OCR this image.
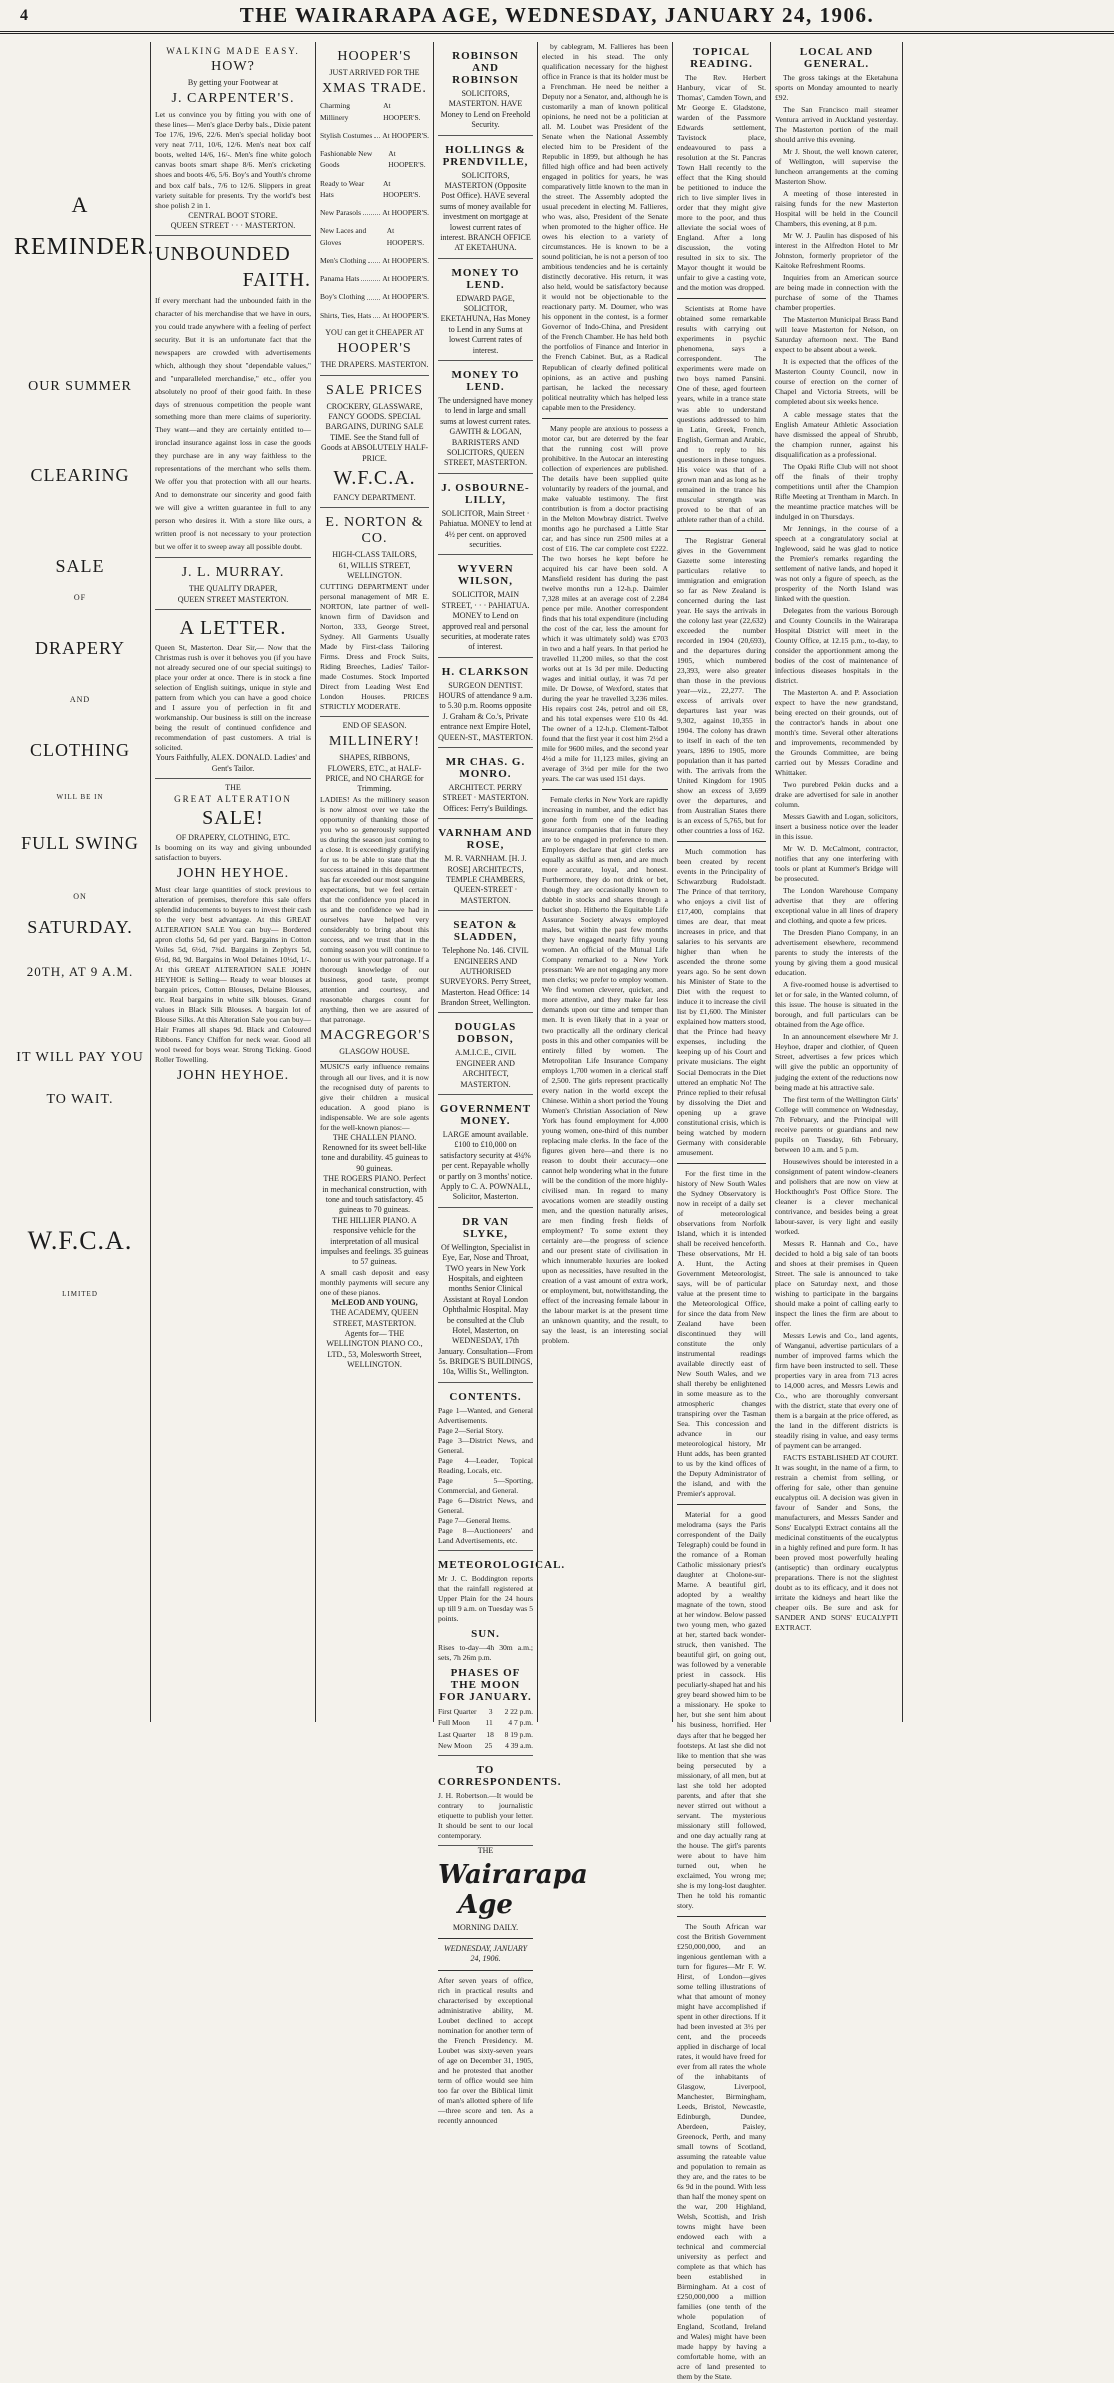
4	THE WAIRARAPA AGE, WEDNESDAY, JANUARY 24, 1906.
A
REMINDER.
OUR SUMMER
CLEARING
SALE
OF
DRAPERY
AND
CLOTHING
WILL BE IN
FULL SWING
ON
SATURDAY.
20TH, AT 9 A.M.
IT WILL PAY YOU
TO WAIT.
W.F.C.A.
LIMITED
WALKING MADE EASY.
HOW?
By getting your Footwear at
J. CARPENTER'S.
Let us convince you by fitting you with one of these lines— Men's glace Derby bals., Dixie patent Toe 17/6, 19/6, 22/6. Men's special holiday boot very neat 7/11, 10/6, 12/6. Men's neat box calf boots, welted 14/6, 16/-. Men's fine white goloch canvas boots smart shape 8/6. Men's cricketing shoes and boots 4/6, 5/6. Boy's and Youth's chrome and box calf bals., 7/6 to 12/6. Slippers in great variety suitable for presents. Try the world's best shoe polish 2 in 1.
CENTRAL BOOT STORE.
QUEEN STREET · · · MASTERTON.
UNBOUNDED
FAITH.
If every merchant had the unbounded faith in the character of his merchandise that we have in ours, you could trade anywhere with a feeling of perfect security. But it is an unfortunate fact that the newspapers are crowded with advertisements which, although they shout "dependable values," and "unparalleled merchandise," etc., offer you absolutely no proof of their good faith. In these days of strenuous competition the people want something more than mere claims of superiority. They want—and they are certainly entitled to—ironclad insurance against loss in case the goods they purchase are in any way faithless to the representations of the merchant who sells them. We offer you that protection with all our hearts. And to demonstrate our sincerity and good faith we will give a written guarantee in full to any person who desires it. With a store like ours, a written proof is not necessary to your protection but we offer it to sweep away all possible doubt.
J. L. MURRAY.
THE QUALITY DRAPER,
QUEEN STREET MASTERTON.
A LETTER.
Queen St, Masterton. Dear Sir,— Now that the Christmas rush is over it behoves you (if you have not already secured one of our special suitings) to place your order at once. There is in stock a fine selection of English suitings, unique in style and pattern from which you can have a good choice and I assure you of perfection in fit and workmanship. Our business is still on the increase being the result of continued confidence and recommendation of past customers. A trial is solicited.
Yours Faithfully, ALEX. DONALD. Ladies' and Gent's Tailor.
THE
GREAT ALTERATION
SALE!
OF DRAPERY, CLOTHING, ETC.
Is booming on its way and giving unbounded satisfaction to buyers.
JOHN HEYHOE.
Must clear large quantities of stock previous to alteration of premises, therefore this sale offers splendid inducements to buyers to invest their cash to the very best advantage. At this GREAT ALTERATION SALE You can buy— Bordered apron cloths 5d, 6d per yard. Bargains in Cotton Voiles 5d, 6½d, 7¾d. Bargains in Zephyrs 5d, 6½d, 8d, 9d. Bargains in Wool Delaines 10½d, 1/-. At this GREAT ALTERATION SALE JOHN HEYHOE is Selling— Ready to wear blouses at bargain prices, Cotton Blouses, Delaine Blouses, etc. Real bargains in white silk blouses. Grand values in Black Silk Blouses. A bargain lot of Blouse Silks. At this Alteration Sale you can buy— Hair Frames all shapes 9d. Black and Coloured Ribbons. Fancy Chiffon for neck wear. Good all wool tweed for boys wear. Strong Ticking. Good Roller Towelling.
JOHN HEYHOE.
HOOPER'S
JUST ARRIVED FOR THE
XMAS TRADE.
Charming Millinery
At HOOPER'S.
Stylish Costumes At HOOPER'S.
Fashionable New Goods
At HOOPER'S.
Ready to Wear Hats
At HOOPER'S.
New Parasols	At HOOPER'S.
New Laces and Gloves
At HOOPER'S.
Men's Clothing At HOOPER'S.
Panama Hats	At HOOPER'S.
Boy's Clothing At HOOPER'S.
Shirts, Ties, Hats At HOOPER'S.
YOU can get it CHEAPER AT
HOOPER'S
THE DRAPERS. MASTERTON.
SALE PRICES
CROCKERY, GLASSWARE, FANCY GOODS. SPECIAL BARGAINS, DURING SALE TIME. See the Stand full of Goods at ABSOLUTELY HALF-PRICE.
W.F.C.A.
FANCY DEPARTMENT.
E. NORTON & CO.
HIGH-CLASS TAILORS,
61, WILLIS STREET, WELLINGTON.
CUTTING DEPARTMENT under personal management of MR E. NORTON, late partner of well-known firm of Davidson and Norton, 333, George Street, Sydney. All Garments Usually Made by First-class Tailoring Firms. Dress and Frock Suits, Riding Breeches, Ladies' Tailor-made Costumes. Stock Imported Direct from Leading West End London Houses. PRICES STRICTLY MODERATE.
END OF SEASON.
MILLINERY!
SHAPES, RIBBONS, FLOWERS, ETC., at HALF-PRICE, and NO CHARGE for Trimming.
LADIES! As the millinery season is now almost over we take the opportunity of thanking those of you who so generously supported us during the season just coming to a close. It is exceedingly gratifying for us to be able to state that the success attained in this department has far exceeded our most sanguine expectations, but we feel certain that the confidence you placed in us and the confidence we had in ourselves have helped very considerably to bring about this success, and we trust that in the coming season you will continue to honour us with your patronage. If a thorough knowledge of our business, good taste, prompt attention and courtesy, and reasonable charges count for anything, then we are assured of that patronage.
MACGREGOR'S
GLASGOW HOUSE.
MUSIC'S early influence remains through all our lives, and it is now the recognised duty of parents to give their children a musical education. A good piano is indispensable. We are sole agents for the well-known pianos:—
THE CHALLEN PIANO. Renowned for its sweet bell-like tone and durability. 45 guineas to 90 guineas.
THE ROGERS PIANO. Perfect in mechanical construction, with tone and touch satisfactory. 45 guineas to 70 guineas.
THE HILLIER PIANO. A responsive vehicle for the interpretation of all musical impulses and feelings. 35 guineas to 57 guineas.
A small cash deposit and easy monthly payments will secure any one of these pianos.
McLEOD AND YOUNG,
THE ACADEMY, QUEEN STREET, MASTERTON.
Agents for— THE WELLINGTON PIANO CO., LTD., 53, Molesworth Street, WELLINGTON.
ROBINSON AND ROBINSON
SOLICITORS, MASTERTON. HAVE Money to Lend on Freehold Security.
HOLLINGS & PRENDVILLE,
SOLICITORS, MASTERTON (Opposite Post Office). HAVE several sums of money available for investment on mortgage at lowest current rates of interest. BRANCH OFFICE AT EKETAHUNA.
MONEY TO LEND.
EDWARD PAGE, SOLICITOR, EKETAHUNA, Has Money to Lend in any Sums at lowest Current rates of interest.
MONEY TO LEND.
The undersigned have money to lend in large and small sums at lowest current rates. GAWITH & LOGAN, BARRISTERS AND SOLICITORS, QUEEN STREET, MASTERTON.
J. OSBOURNE-LILLY,
SOLICITOR, Main Street · Pahiatua. MONEY to lend at 4½ per cent. on approved securities.
WYVERN WILSON,
SOLICITOR, MAIN STREET, · · · PAHIATUA. MONEY to Lend on approved real and personal securities, at moderate rates of interest.
H. CLARKSON
SURGEON DENTIST. HOURS of attendance 9 a.m. to 5.30 p.m. Rooms opposite J. Graham & Co.'s, Private entrance next Empire Hotel, QUEEN-ST., MASTERTON.
MR CHAS. G. MONRO.
ARCHITECT. PERRY STREET · MASTERTON. Offices: Ferry's Buildings.
VARNHAM AND ROSE,
M. R. VARNHAM. [H. J. ROSE] ARCHITECTS, TEMPLE CHAMBERS, QUEEN-STREET · MASTERTON.
SEATON & SLADDEN,
Telephone No. 146. CIVIL ENGINEERS AND AUTHORISED SURVEYORS. Perry Street, Masterton. Head Office: 14 Brandon Street, Wellington.
DOUGLAS DOBSON,
A.M.I.C.E., CIVIL ENGINEER AND ARCHITECT, MASTERTON.
GOVERNMENT MONEY.
LARGE amount available. £100 to £10,000 on satisfactory security at 4¼% per cent. Repayable wholly or partly on 3 months' notice. Apply to C. A. POWNALL, Solicitor, Masterton.
DR VAN SLYKE,
Of Wellington, Specialist in Eye, Ear, Nose and Throat, TWO years in New York Hospitals, and eighteen months Senior Clinical Assistant at Royal London Ophthalmic Hospital. May be consulted at the Club Hotel, Masterton, on WEDNESDAY, 17th January. Consultation—From 5s. BRIDGE'S BUILDINGS, 10a, Willis St., Wellington.
CONTENTS.
Page 1—Wanted, and General Advertisements.
Page 2—Serial Story.
Page 3—District News, and General.
Page 4—Leader, Topical Reading, Locals, etc.
Page 5—Sporting, Commercial, and General.
Page 6—District News, and General.
Page 7—General Items.
Page 8—Auctioneers' and Land Advertisements, etc.
METEOROLOGICAL.
Mr J. C. Boddington reports that the rainfall registered at Upper Plain for the 24 hours up till 9 a.m. on Tuesday was 5 points.
SUN.
Rises to-day—4h 30m a.m.; sets, 7h 26m p.m.
PHASES OF THE MOON FOR JANUARY.
First Quarter 3 2 22 p.m.
Full Moon 11 4 7 p.m.
Last Quarter 18 8 19 p.m.
New Moon 25 4 39 a.m.
TO CORRESPONDENTS.
J. H. Robertson.—It would be contrary to journalistic etiquette to publish your letter. It should be sent to our local contemporary.
THE
Wairarapa Age
MORNING DAILY.
WEDNESDAY, JANUARY 24, 1906.
After seven years of office, rich in practical results and characterised by exceptional administrative ability, M. Loubet declined to accept nomination for another term of the French Presidency. M. Loubet was sixty-seven years of age on December 31, 1905, and he protested that another term of office would see him too far over the Biblical limit of man's allotted sphere of life—three score and ten. As a recently announced

by cablegram, M. Fallieres has been elected in his stead. The only qualification necessary for the highest office in France is that its holder must be a Frenchman. He need be neither a Deputy nor a Senator, and, although he is customarily a man of known political opinions, he need not be a politician at all. M. Loubet was President of the Senate when the National Assembly elected him to be President of the Republic in 1899, but although he has filled high office and had been actively engaged in politics for years, he was comparatively little known to the man in the street. The Assembly adopted the usual precedent in electing M. Fallieres, who was, also, President of the Senate when promoted to the higher office. He owes his election to a variety of circumstances. He is known to be a sound politician, he is not a person of too ambitious tendencies and he is certainly distinctly decorative. His return, it was also held, would be satisfactory because it would not be objectionable to the reactionary party. M. Doumer, who was his opponent in the contest, is a former Governor of Indo-China, and President of the French Chamber. He has held both the portfolios of Finance and Interior in the French Cabinet. But, as a Radical Republican of clearly defined political opinions, as an active and pushing partisan, he lacked the necessary political neutrality which has helped less capable men to the Presidency.

Many people are anxious to possess a motor car, but are deterred by the fear that the running cost will prove prohibitive. In the Autocar an interesting collection of experiences are published. The details have been supplied quite voluntarily by readers of the journal, and make valuable testimony. The first contribution is from a doctor practising in the Melton Mowbray district. Twelve months ago he purchased a Little Star car, and has since run 2500 miles at a cost of £16. The car complete cost £222. The two horses he kept before he acquired his car have been sold. A Mansfield resident has during the past twelve months run a 12-h.p. Daimler 7,328 miles at an average cost of 2.284 pence per mile. Another correspondent finds that his total expenditure (including the cost of the car, less the amount for which it was ultimately sold) was £703 in two and a half years. In that period he travelled 11,200 miles, so that the cost works out at 1s 3d per mile. Deducting wages and initial outlay, it was 7d per mile. Dr Dowse, of Wexford, states that during the year he travelled 3,236 miles. His repairs cost 24s, petrol and oil £8, and his total expenses were £10 0s 4d. The owner of a 12-h.p. Clement-Talbot found that the first year it cost him 2½d a mile for 9600 miles, and the second year 4½d a mile for 11,123 miles, giving an average of 3½d per mile for the two years. The car was used 151 days.

Female clerks in New York are rapidly increasing in number, and the edict has gone forth from one of the leading insurance companies that in future they are to be engaged in preference to men. Employers declare that girl clerks are equally as skilful as men, and are much more accurate, loyal, and honest. Furthermore, they do not drink or bet, though they are occasionally known to dabble in stocks and shares through a bucket shop. Hitherto the Equitable Life Assurance Society always employed males, but within the past few months they have engaged nearly fifty young women. An official of the Mutual Life Company remarked to a New York pressman: We are not engaging any more men clerks; we prefer to employ women. We find women cleverer, quicker, and more attentive, and they make far less demands upon our time and temper than men. It is even likely that in a year or two practically all the ordinary clerical posts in this and other companies will be entirely filled by women. The Metropolitan Life Insurance Company employs 1,700 women in a clerical staff of 2,500. The girls represent practically every nation in the world except the Chinese. Within a short period the Young Women's Christian Association of New York has found employment for 4,000 young women, one-third of this number replacing male clerks. In the face of the figures given here—and there is no reason to doubt their accuracy—one cannot help wondering what in the future will be the condition of the more highly-civilised man. In regard to many avocations women are steadily ousting men, and the question naturally arises, are men finding fresh fields of employment? To some extent they certainly are—the progress of science and our present state of civilisation in which innumerable luxuries are looked upon as necessities, have resulted in the creation of a vast amount of extra work, or employment, but, notwithstanding, the effect of the increasing female labour in the labour market is at the present time an unknown quantity, and the result, to say the least, is an interesting social problem.

TOPICAL READING.

The Rev. Herbert Hanbury, vicar of St. Thomas', Camden Town, and Mr George E. Gladstone, warden of the Passmore Edwards settlement, Tavistock place, endeavoured to pass a resolution at the St. Pancras Town Hall recently to the effect that the King should be petitioned to induce the rich to live simpler lives in order that they might give more to the poor, and thus alleviate the social woes of England. After a long discussion, the voting resulted in six to six. The Mayor thought it would be unfair to give a casting vote, and the motion was dropped.

Scientists at Rome have obtained some remarkable results with carrying out experiments in psychic phenomena, says a correspondent. The experiments were made on two boys named Pansini. One of these, aged fourteen years, while in a trance state was able to understand questions addressed to him in Latin, Greek, French, English, German and Arabic, and to reply to his questioners in these tongues. His voice was that of a grown man and as long as he remained in the trance his muscular strength was proved to be that of an athlete rather than of a child.

The Registrar General gives in the Government Gazette some interesting particulars relative to immigration and emigration so far as New Zealand is concerned during the last year. He says the arrivals in the colony last year (22,632) exceeded the number recorded in 1904 (20,693), and the departures during 1905, which numbered 23,393, were also greater than those in the previous year—viz., 22,277. The excess of arrivals over departures last year was 9,302, against 10,355 in 1904. The colony has drawn to itself in each of the ten years, 1896 to 1905, more population than it has parted with. The arrivals from the United Kingdom for 1905 show an excess of 3,699 over the departures, and from Australian States there is an excess of 5,765, but for other countries a loss of 162.

Much commotion has been created by recent events in the Principality of Schwarzburg Rudolstadt. The Prince of that territory, who enjoys a civil list of £17,400, complains that times are dear, that meat increases in price, and that salaries to his servants are higher than when he ascended the throne some years ago. So he sent down his Minister of State to the Diet with the request to induce it to increase the civil list by £1,600. The Minister explained how matters stood, that the Prince had heavy expenses, including the keeping up of his Court and private musicians. The eight Social Democrats in the Diet uttered an emphatic No! The Prince replied to their refusal by dissolving the Diet and opening up a grave constitutional crisis, which is being watched by modern Germany with considerable amusement.

For the first time in the history of New South Wales the Sydney Observatory is now in receipt of a daily set of meteorological observations from Norfolk Island, which it is intended shall be received henceforth. These observations, Mr H. A. Hunt, the Acting Government Meteorologist, says, will be of particular value at the present time to the Meteorological Office, for since the data from New Zealand have been discontinued they will constitute the only instrumental readings available directly east of New South Wales, and we shall thereby be enlightened in some measure as to the atmospheric changes transpiring over the Tasman Sea. This concession and advance in our meteorological history, Mr Hunt adds, has been granted to us by the kind offices of the Deputy Administrator of the island, and with the Premier's approval.

Material for a good melodrama (says the Paris correspondent of the Daily Telegraph) could be found in the romance of a Roman Catholic missionary priest's daughter at Cholone-sur-Marne. A beautiful girl, adopted by a wealthy magnate of the town, stood at her window. Below passed two young men, who gazed at her, started back wonder-struck, then vanished. The beautiful girl, on going out, was followed by a venerable priest in cassock. His peculiarly-shaped hat and his grey beard showed him to be a missionary. He spoke to her, but she sent him about his business, horrified. Her days after that he begged her footsteps. At last she did not like to mention that she was being persecuted by a missionary, of all men, but at last she told her adopted parents, and after that she never stirred out without a servant. The mysterious missionary still followed, and one day actually rang at the house. The girl's parents were about to have him turned out, when he exclaimed, You wrong me; she is my long-lost daughter. Then he told his romantic story.

The South African war cost the British Government £250,000,000, and an ingenious gentleman with a turn for figures—Mr F. W. Hirst, of London—gives some telling illustrations of what that amount of money might have accomplished if spent in other directions. If it had been invested at 3½ per cent, and the proceeds applied in discharge of local rates, it would have freed for ever from all rates the whole of the inhabitants of Glasgow, Liverpool, Manchester, Birmingham, Leeds, Bristol, Newcastle, Edinburgh, Dundee, Aberdeen, Paisley, Greenock, Perth, and many small towns of Scotland, assuming the rateable value and population to remain as they are, and the rates to be 6s 9d in the pound. With less than half the money spent on the war, 200 Highland, Welsh, Scottish, and Irish towns might have been endowed each with a technical and commercial university as perfect and complete as that which has been established in Birmingham. At a cost of £250,000,000 a million families (one tenth of the whole population of England, Scotland, Ireland and Wales) might have been made happy by having a comfortable home, with an acre of land presented to them by the State.

LOCAL AND GENERAL.

The gross takings at the Eketahuna sports on Monday amounted to nearly £92.

The San Francisco mail steamer Ventura arrived in Auckland yesterday. The Masterton portion of the mail should arrive this evening.

Mr J. Shout, the well known caterer, of Wellington, will supervise the luncheon arrangements at the coming Masterton Show.

A meeting of those interested in raising funds for the new Masterton Hospital will be held in the Council Chambers, this evening, at 8 p.m.

Mr W. J. Paulin has disposed of his interest in the Alfredton Hotel to Mr Johnston, formerly proprietor of the Kaitoke Refreshment Rooms.

Inquiries from an American source are being made in connection with the purchase of some of the Thames chamber properties.

The Masterton Municipal Brass Band will leave Masterton for Nelson, on Saturday afternoon next. The Band expect to be absent about a week.

It is expected that the offices of the Masterton County Council, now in course of erection on the corner of Chapel and Victoria Streets, will be completed about six weeks hence.

A cable message states that the English Amateur Athletic Association have dismissed the appeal of Shrubb, the champion runner, against his disqualification as a professional.

The Opaki Rifle Club will not shoot off the finals of their trophy competitions until after the Champion Rifle Meeting at Trentham in March. In the meantime practice matches will be indulged in on Thursdays.

Mr Jennings, in the course of a speech at a congratulatory social at Inglewood, said he was glad to notice the Premier's remarks regarding the settlement of native lands, and hoped it was not only a figure of speech, as the prosperity of the North Island was linked with the question.

Delegates from the various Borough and County Councils in the Wairarapa Hospital District will meet in the County Office, at 12.15 p.m., to-day, to consider the apportionment among the bodies of the cost of maintenance of infectious diseases hospitals in the district.

The Masterton A. and P. Association expect to have the new grandstand, being erected on their grounds, out of the contractor's hands in about one month's time. Several other alterations and improvements, recommended by the Grounds Committee, are being carried out by Messrs Coradine and Whittaker.

Two purebred Pekin ducks and a drake are advertised for sale in another column.

Messrs Gawith and Logan, solicitors, insert a business notice over the leader in this issue.

Mr W. D. McCalmont, contractor, notifies that any one interfering with tools or plant at Kummer's Bridge will be prosecuted.

The London Warehouse Company advertise that they are offering exceptional value in all lines of drapery and clothing, and quote a few prices.

The Dresden Piano Company, in an advertisement elsewhere, recommend parents to study the interests of the young by giving them a good musical education.

A five-roomed house is advertised to let or for sale, in the Wanted column, of this issue. The house is situated in the borough, and full particulars can be obtained from the Age office.

In an announcement elsewhere Mr J. Heyhoe, draper and clothier, of Queen Street, advertises a few prices which will give the public an opportunity of judging the extent of the reductions now being made at his attractive sale.

The first term of the Wellington Girls' College will commence on Wednesday, 7th February, and the Principal will receive parents or guardians and new pupils on Tuesday, 6th February, between 10 a.m. and 5 p.m.

Housewives should be interested in a consignment of patent window-cleaners and polishers that are now on view at Hockthought's Post Office Store. The cleaner is a clever mechanical contrivance, and besides being a great labour-saver, is very light and easily worked.

Messrs R. Hannah and Co., have decided to hold a big sale of tan boots and shoes at their premises in Queen Street. The sale is announced to take place on Saturday next, and those wishing to participate in the bargains should make a point of calling early to inspect the lines the firm are about to offer.

Messrs Lewis and Co., land agents, of Wanganui, advertise particulars of a number of improved farms which the firm have been instructed to sell. These properties vary in area from 713 acres to 14,000 acres, and Messrs Lewis and Co., who are thoroughly conversant with the district, state that every one of them is a bargain at the price offered, as the land in the different districts is steadily rising in value, and easy terms of payment can be arranged.

FACTS ESTABLISHED AT COURT. It was sought, in the name of a firm, to restrain a chemist from selling, or offering for sale, other than genuine eucalyptus oil. A decision was given in favour of Sander and Sons, the manufacturers, and Messrs Sander and Sons' Eucalypti Extract contains all the medicinal constituents of the eucalyptus in a highly refined and pure form. It has been proved most powerfully healing (antiseptic) than ordinary eucalyptus preparations. There is not the slightest doubt as to its efficacy, and it does not irritate the kidneys and heart like the cheaper oils. Be sure and ask for SANDER AND SONS' EUCALYPTI EXTRACT.
